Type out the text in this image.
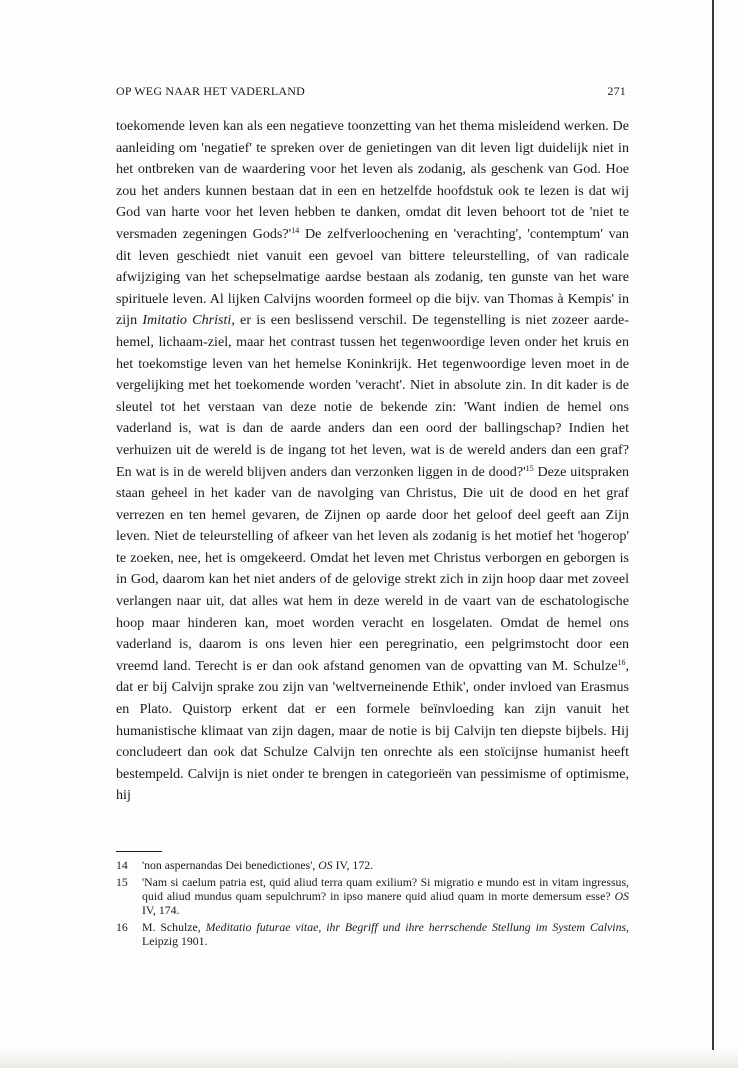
OP WEG NAAR HET VADERLAND	271

toekomende leven kan als een negatieve toonzetting van het thema misleidend werken. De aanleiding om 'negatief' te spreken over de genietingen van dit leven ligt duidelijk niet in het ontbreken van de waardering voor het leven als zodanig, als geschenk van God. Hoe zou het anders kunnen bestaan dat in een en hetzelfde hoofdstuk ook te lezen is dat wij God van harte voor het leven hebben te danken, omdat dit leven behoort tot de 'niet te versmaden zegeningen $Gods?'^{14}$ De zelfverloochening en 'verachting', 'contemptum' van dit leven geschiedt niet vanuit een gevoel van bittere teleurstelling, of van radicale afwijziging van het schepselmatige aardse bestaan als zodanig, ten gunste van het ware spirituele leven. Al lijken Calvijns woorden formeel op die bijv. van Thomas à Kempis' in zijn Imitatio Christi, er is een beslissend verschil. De tegenstelling is niet zozeer aarde-hemel, lichaam-ziel, maar het contrast tussen het tegenwoordige leven onder het kruis en het toekomstige leven van het hemelse Koninkrijk. Het tegenwoordige leven moet in de vergelijking met het toekomende worden 'veracht'. Niet in absolute zin. In dit kader is de sleutel tot het verstaan van deze notie de bekende zin: 'Want indien de hemel ons vaderland is, wat is dan de aarde anders dan een oord der ballingschap? Indien het verhuizen uit de wereld is de ingang tot het leven, wat is de wereld anders dan een graf? En wat is in de wereld blijven anders dan verzonken liggen in de $dood?'^{15}$ Deze uitspraken staan geheel in het kader van de navolging van Christus, Die uit de dood en het graf verrezen en ten hemel gevaren, de Zijnen op aarde door het geloof deel geeft aan Zijn leven. Niet de teleurstelling of afkeer van het leven als zodanig is het motief het 'hogerop' te zoeken, nee, het is omgekeerd. Omdat het leven met Christus verborgen en geborgen is in God, daarom kan het niet anders of de gelovige strekt zich in zijn hoop daar met zoveel verlangen naar uit, dat alles wat hem in deze wereld in de vaart van de eschatologische hoop maar hinderen kan, moet worden veracht en losgelaten. Omdat de hemel ons vaderland is, daarom is ons leven hier een peregrinatio, een pelgrimstocht door een vreemd land. Terecht is er dan ook afstand genomen van de opvatting van M. Schulze$^{16}$, dat er bij Calvijn sprake zou zijn van 'weltverneinende Ethik', onder invloed van Erasmus en Plato. Quistorp erkent dat er een formele beïnvloeding kan zijn vanuit het humanistische klimaat van zijn dagen, maar de notie is bij Calvijn ten diepste bijbels. Hij concludeert dan ook dat Schulze Calvijn ten onrechte als een stoïcijnse humanist heeft bestempeld. Calvijn is niet onder te brengen in categorieën van pessimisme of optimisme, hij

14	'non aspernandas Dei benedictiones', OS IV, 172.
15	'Nam si caelum patria est, quid aliud terra quam exilium? Si migratio e mundo est in vitam ingressus, quid aliud mundus quam sepulchrum? in ipso manere quid aliud quam in morte demersum esse? OS IV, 174.
16	M. Schulze, Meditatio futurae vitae, ihr Begriff und ihre herrschende Stellung im System Calvins, Leipzig 1901.
